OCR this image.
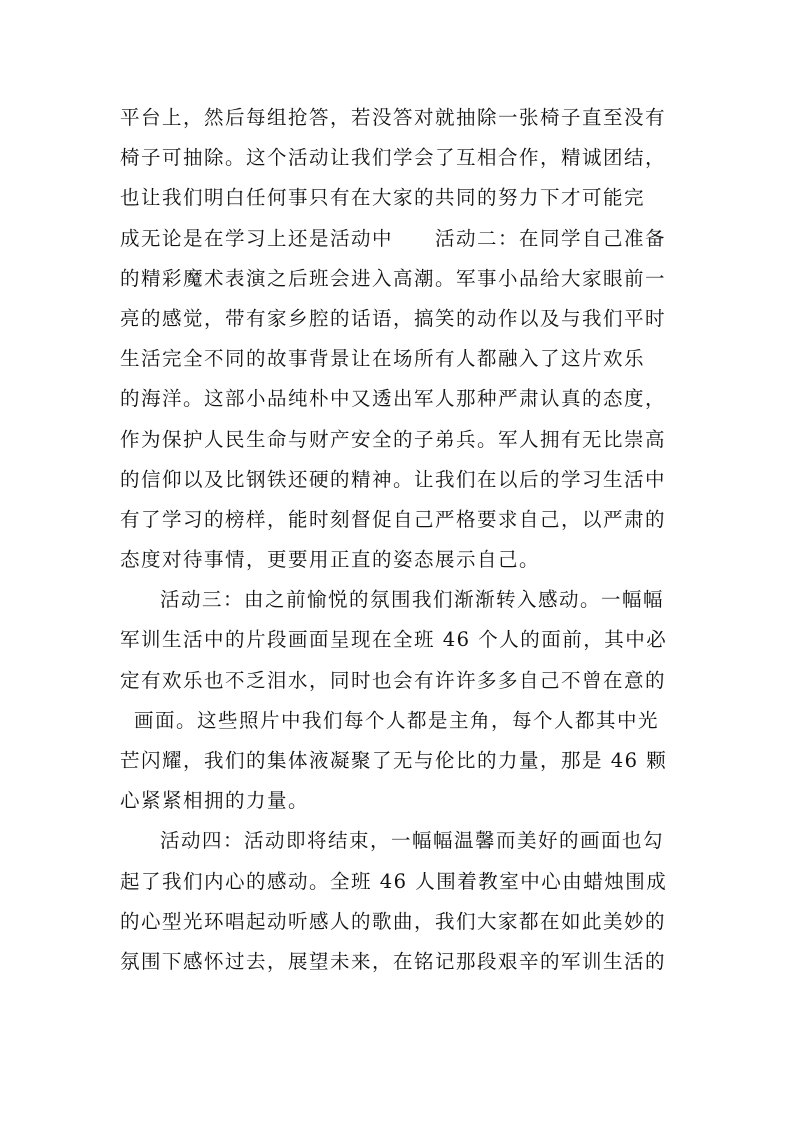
平台上，然后每组抢答，若没答对就抽除一张椅子直至没有
椅子可抽除。这个活动让我们学会了互相合作，精诚团结，
也让我们明白任何事只有在大家的共同的努力下才可能完
成无论是在学习上还是活动中　　活动二：在同学自己准备
的精彩魔术表演之后班会进入高潮。军事小品给大家眼前一
亮的感觉，带有家乡腔的话语，搞笑的动作以及与我们平时
生活完全不同的故事背景让在场所有人都融入了这片欢乐
的海洋。这部小品纯朴中又透出军人那种严肃认真的态度，
作为保护人民生命与财产安全的子弟兵。军人拥有无比崇高
的信仰以及比钢铁还硬的精神。让我们在以后的学习生活中
有了学习的榜样，能时刻督促自己严格要求自己，以严肃的
态度对待事情，更要用正直的姿态展示自己。
活动三：由之前愉悦的氛围我们渐渐转入感动。一幅幅
军训生活中的片段画面呈现在全班 46 个人的面前，其中必
定有欢乐也不乏泪水，同时也会有许许多多自己不曾在意的
画面。这些照片中我们每个人都是主角，每个人都其中光
芒闪耀，我们的集体液凝聚了无与伦比的力量，那是 46 颗
心紧紧相拥的力量。
活动四：活动即将结束，一幅幅温馨而美好的画面也勾
起了我们内心的感动。全班 46 人围着教室中心由蜡烛围成
的心型光环唱起动听感人的歌曲，我们大家都在如此美妙的
氛围下感怀过去，展望未来，在铭记那段艰辛的军训生活的
